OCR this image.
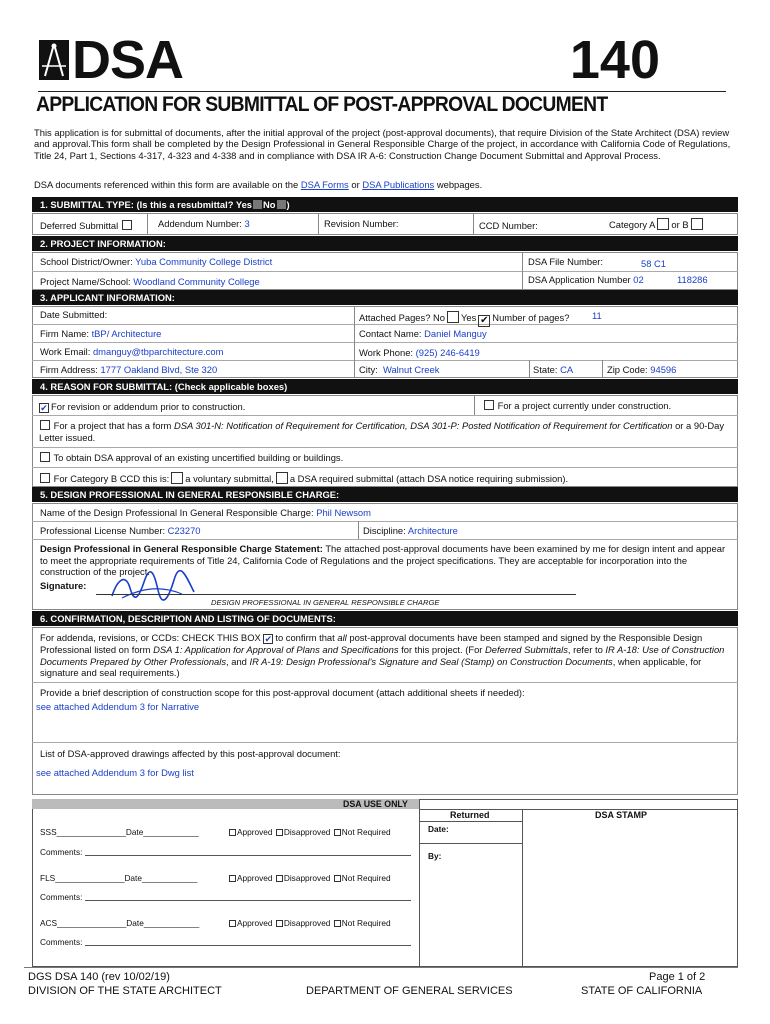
DSA	140
APPLICATION FOR SUBMITTAL OF POST-APPROVAL DOCUMENT
This application is for submittal of documents, after the initial approval of the project (post-approval documents), that require Division of the State Architect (DSA) review and approval.This form shall be completed by the Design Professional in General Responsible Charge of the project, in accordance with California Code of Regulations, Title 24, Part 1, Sections 4-317, 4-323 and 4-338 and in compliance with DSA IR A-6: Construction Change Document Submittal and Approval Process.
DSA documents referenced within this form are available on the DSA Forms or DSA Publications webpages.
1. SUBMITTAL TYPE: (Is this a resubmittal? Yes No )
Deferred Submittal	Addendum Number: 3	Revision Number:	CCD Number:	Category A or B
2. PROJECT INFORMATION:
School District/Owner: Yuba Community College District	DSA File Number:	58 C1
Project Name/School: Woodland Community College	DSA Application Number 02	118286
3. APPLICANT INFORMATION:
Date Submitted:	Attached Pages? No Yes ✔ Number of pages? 11
Firm Name: tBP/ Architecture	Contact Name: Daniel Manguy
Work Email: dmanguy@tbparchitecture.com	Work Phone: (925) 246-6419
Firm Address: 1777 Oakland Blvd, Ste 320	City: Walnut Creek	State: CA	Zip Code: 94596
4. REASON FOR SUBMITTAL: (Check applicable boxes)
✔ For revision or addendum prior to construction.	For a project currently under construction.
For a project that has a form DSA 301-N: Notification of Requirement for Certification, DSA 301-P: Posted Notification of Requirement for Certification or a 90-Day Letter issued.
To obtain DSA approval of an existing uncertified building or buildings.
For Category B CCD this is: a voluntary submittal, a DSA required submittal (attach DSA notice requiring submission).
5. DESIGN PROFESSIONAL IN GENERAL RESPONSIBLE CHARGE:
Name of the Design Professional In General Responsible Charge: Phil Newsom
Professional License Number: C23270	Discipline: Architecture
Design Professional in General Responsible Charge Statement: The attached post-approval documents have been examined by me for design intent and appear to meet the appropriate requirements of Title 24, California Code of Regulations and the project specifications. They are acceptable for incorporation into the construction of the project.
Signature:
DESIGN PROFESSIONAL IN GENERAL RESPONSIBLE CHARGE
6. CONFIRMATION, DESCRIPTION AND LISTING OF DOCUMENTS:
For addenda, revisions, or CCDs: CHECK THIS BOX ✔ to confirm that all post-approval documents have been stamped and signed by the Responsible Design Professional listed on form DSA 1: Application for Approval of Plans and Specifications for this project. (For Deferred Submittals, refer to IR A-18: Use of Construction Documents Prepared by Other Professionals, and IR A-19: Design Professional’s Signature and Seal (Stamp) on Construction Documents, when applicable, for signature and seal requirements.)
Provide a brief description of construction scope for this post-approval document (attach additional sheets if needed):
see attached Addendum 3 for Narrative
List of DSA-approved drawings affected by this post-approval document:
see attached Addendum 3 for Dwg list
DSA USE ONLY
Returned	DSA STAMP
Date:
By:
SSS_______________Date____________	Approved Disapproved Not Required
Comments:
FLS_______________Date____________	Approved Disapproved Not Required
Comments:
ACS_______________Date____________	Approved Disapproved Not Required
Comments:
DGS DSA 140 (rev 10/02/19)
DIVISION OF THE STATE ARCHITECT	DEPARTMENT OF GENERAL SERVICES
Page 1 of 2
STATE OF CALIFORNIA
